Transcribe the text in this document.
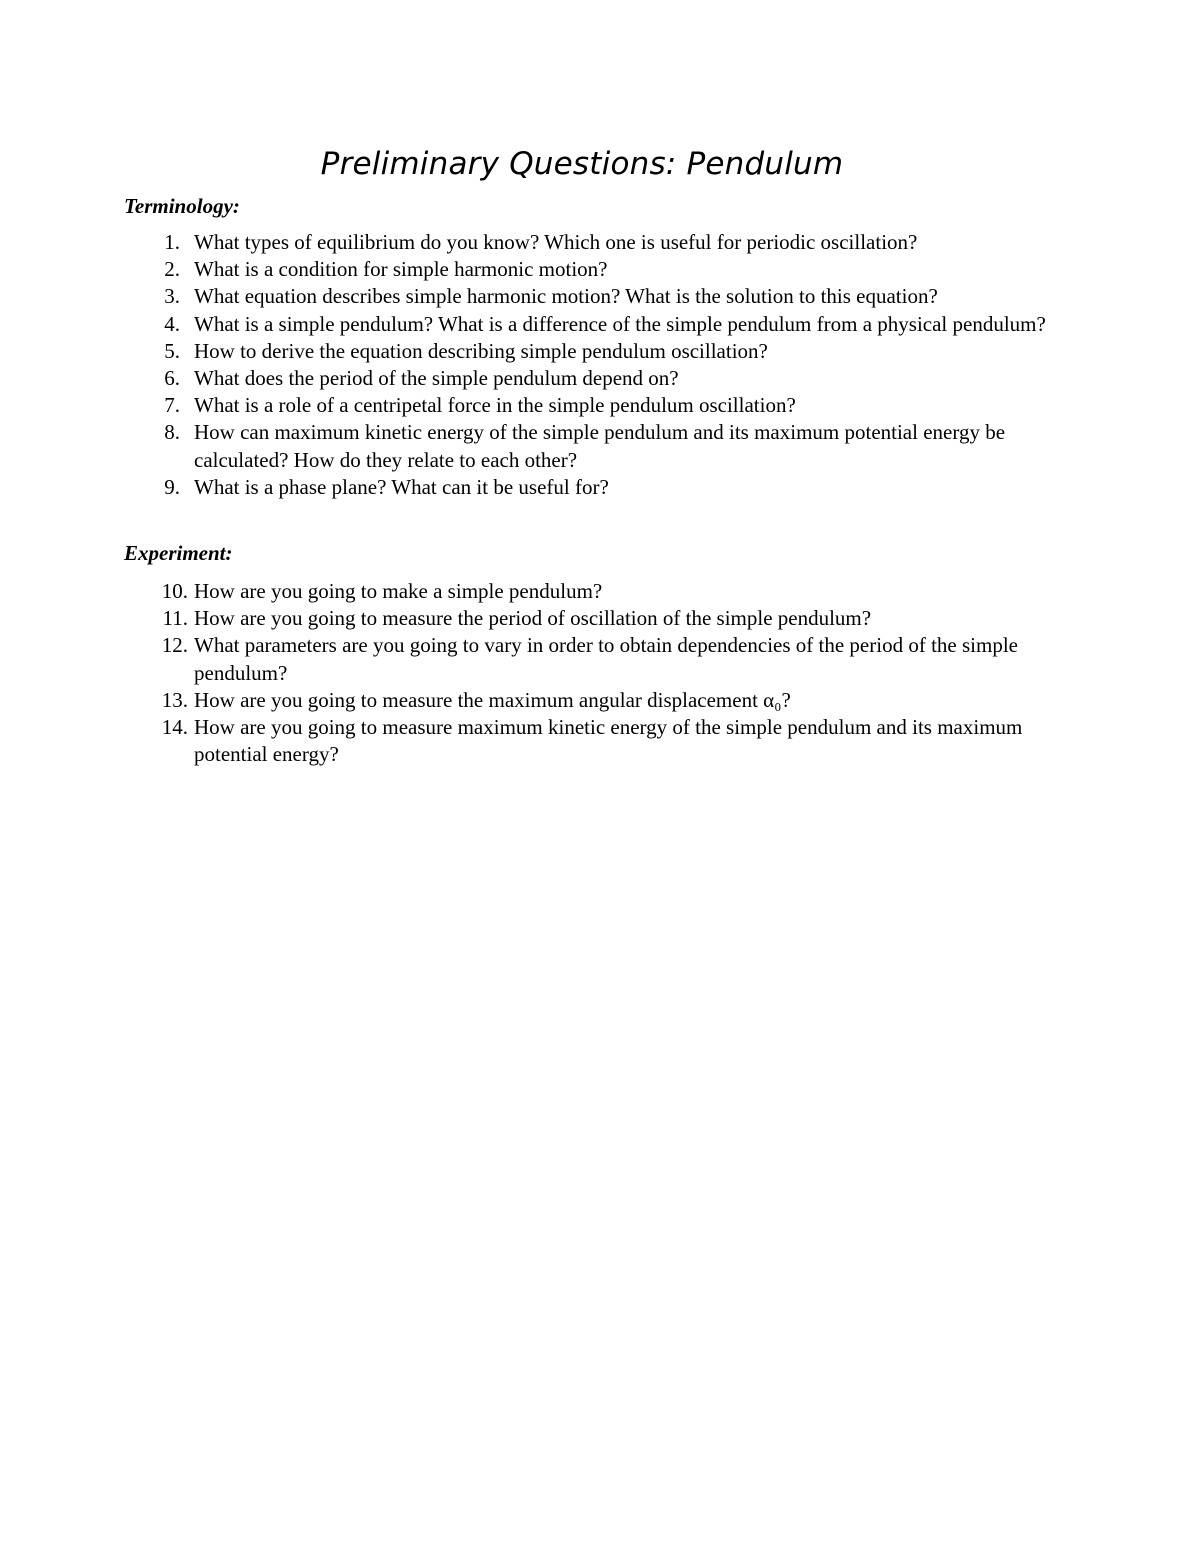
Preliminary Questions: Pendulum
Terminology:
1. What types of equilibrium do you know? Which one is useful for periodic oscillation?
2. What is a condition for simple harmonic motion?
3. What equation describes simple harmonic motion? What is the solution to this equation?
4. What is a simple pendulum? What is a difference of the simple pendulum from a physical pendulum?
5. How to derive the equation describing simple pendulum oscillation?
6. What does the period of the simple pendulum depend on?
7. What is a role of a centripetal force in the simple pendulum oscillation?
8. How can maximum kinetic energy of the simple pendulum and its maximum potential energy be calculated? How do they relate to each other?
9. What is a phase plane? What can it be useful for?
Experiment:
10. How are you going to make a simple pendulum?
11. How are you going to measure the period of oscillation of the simple pendulum?
12. What parameters are you going to vary in order to obtain dependencies of the period of the simple pendulum?
13. How are you going to measure the maximum angular displacement α₀?
14. How are you going to measure maximum kinetic energy of the simple pendulum and its maximum potential energy?
